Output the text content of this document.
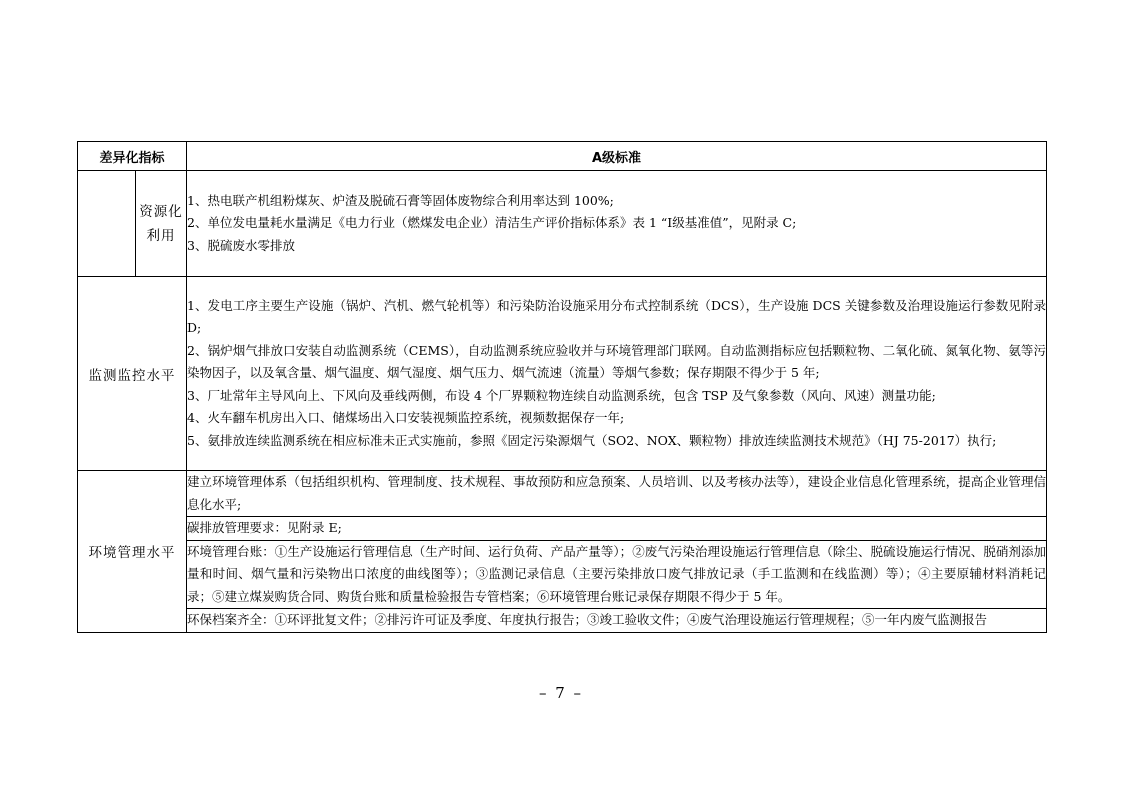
差异化指标		A级标准
	资源化利用	1、热电联产机组粉煤灰、炉渣及脱硫石膏等固体废物综合利用率达到 100%;
2、单位发电量耗水量满足《电力行业（燃煤发电企业）清洁生产评价指标体系》表 1 “Ⅰ级基准值”，见附录 C;
3、脱硫废水零排放

监测监控水平		1、发电工序主要生产设施（锅炉、汽机、燃气轮机等）和污染防治设施采用分布式控制系统（DCS），生产设施 DCS 关键参数及治理设施运行参数见附录 D;
2、锅炉烟气排放口安装自动监测系统（CEMS），自动监测系统应验收并与环境管理部门联网。自动监测指标应包括颗粒物、二氧化硫、氮氧化物、氨等污染物因子，以及氧含量、烟气温度、烟气湿度、烟气压力、烟气流速（流量）等烟气参数；保存期限不得少于 5 年;
3、厂址常年主导风向上、下风向及垂线两侧，布设 4 个厂界颗粒物连续自动监测系统，包含 TSP 及气象参数（风向、风速）测量功能;
4、火车翻车机房出入口、储煤场出入口安装视频监控系统，视频数据保存一年;
5、氨排放连续监测系统在相应标准未正式实施前，参照《固定污染源烟气（SO2、NOX、颗粒物）排放连续监测技术规范》（HJ 75-2017）执行;

环境管理水平		建立环境管理体系（包括组织机构、管理制度、技术规程、事故预防和应急预案、人员培训、以及考核办法等），建设企业信息化管理系统，提高企业管理信息化水平;
		碳排放管理要求：见附录 E;
		环境管理台账：①生产设施运行管理信息（生产时间、运行负荷、产品产量等）；②废气污染治理设施运行管理信息（除尘、脱硫设施运行情况、脱硝剂添加量和时间、烟气量和污染物出口浓度的曲线图等）；③监测记录信息（主要污染排放口废气排放记录（手工监测和在线监测）等）；④主要原辅材料消耗记录；⑤建立煤炭购货合同、购货台账和质量检验报告专管档案；⑥环境管理台账记录保存期限不得少于 5 年。
		环保档案齐全：①环评批复文件；②排污许可证及季度、年度执行报告；③竣工验收文件；④废气治理设施运行管理规程；⑤一年内废气监测报告
– 7 –
